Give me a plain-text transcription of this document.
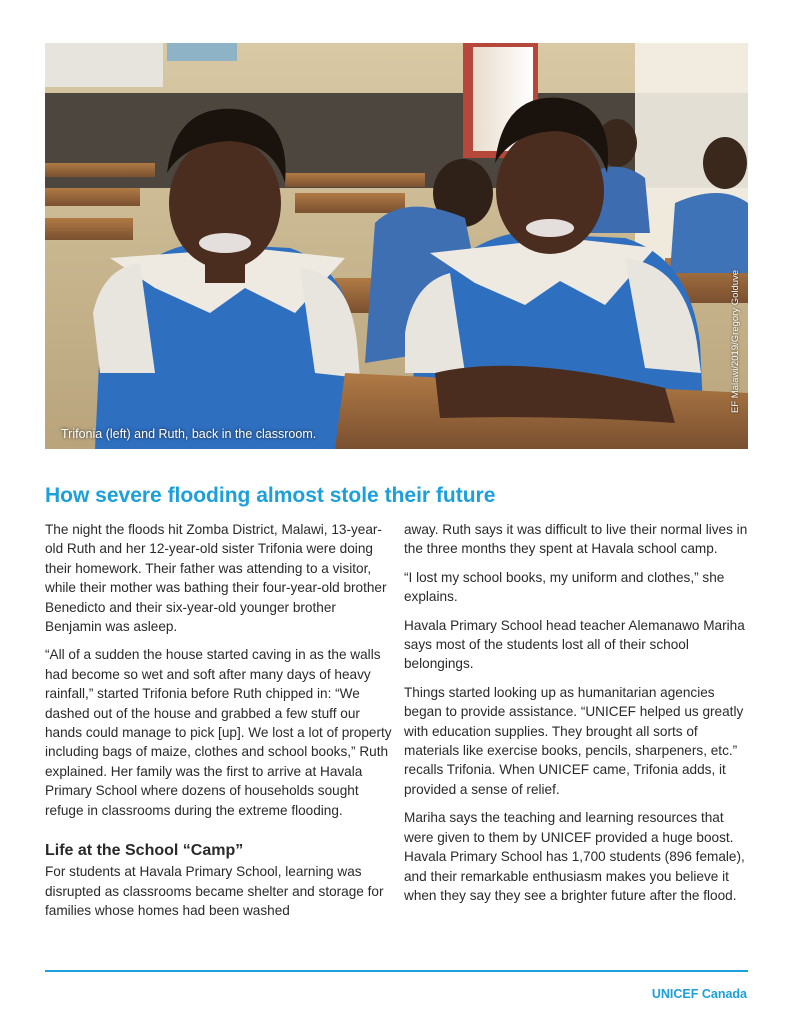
Trifonia (left) and Ruth, back in the classroom.
EF Malawi/2019/Gregory Golduve
How severe flooding almost stole their future

The night the floods hit Zomba District, Malawi, 13-year-old Ruth and her 12-year-old sister Trifonia were doing their homework. Their father was attending to a visitor, while their mother was bathing their four-year-old brother Benedicto and their six-year-old younger brother Benjamin was asleep.

“All of a sudden the house started caving in as the walls had become so wet and soft after many days of heavy rainfall,” started Trifonia before Ruth chipped in: “We dashed out of the house and grabbed a few stuff our hands could manage to pick [up]. We lost a lot of property including bags of maize, clothes and school books,” Ruth explained. Her family was the first to arrive at Havala Primary School where dozens of households sought refuge in classrooms during the extreme flooding.

Life at the School “Camp”

For students at Havala Primary School, learning was disrupted as classrooms became shelter and storage for families whose homes had been washed

away. Ruth says it was difficult to live their normal lives in the three months they spent at Havala school camp.

“I lost my school books, my uniform and clothes,” she explains.

Havala Primary School head teacher Alemanawo Mariha says most of the students lost all of their school belongings.

Things started looking up as humanitarian agencies began to provide assistance. “UNICEF helped us greatly with education supplies. They brought all sorts of materials like exercise books, pencils, sharpeners, etc.” recalls Trifonia. When UNICEF came, Trifonia adds, it provided a sense of relief.

Mariha says the teaching and learning resources that were given to them by UNICEF provided a huge boost. Havala Primary School has 1,700 students (896 female), and their remarkable enthusiasm makes you believe it when they say they see a brighter future after the flood.

UNICEF Canada
